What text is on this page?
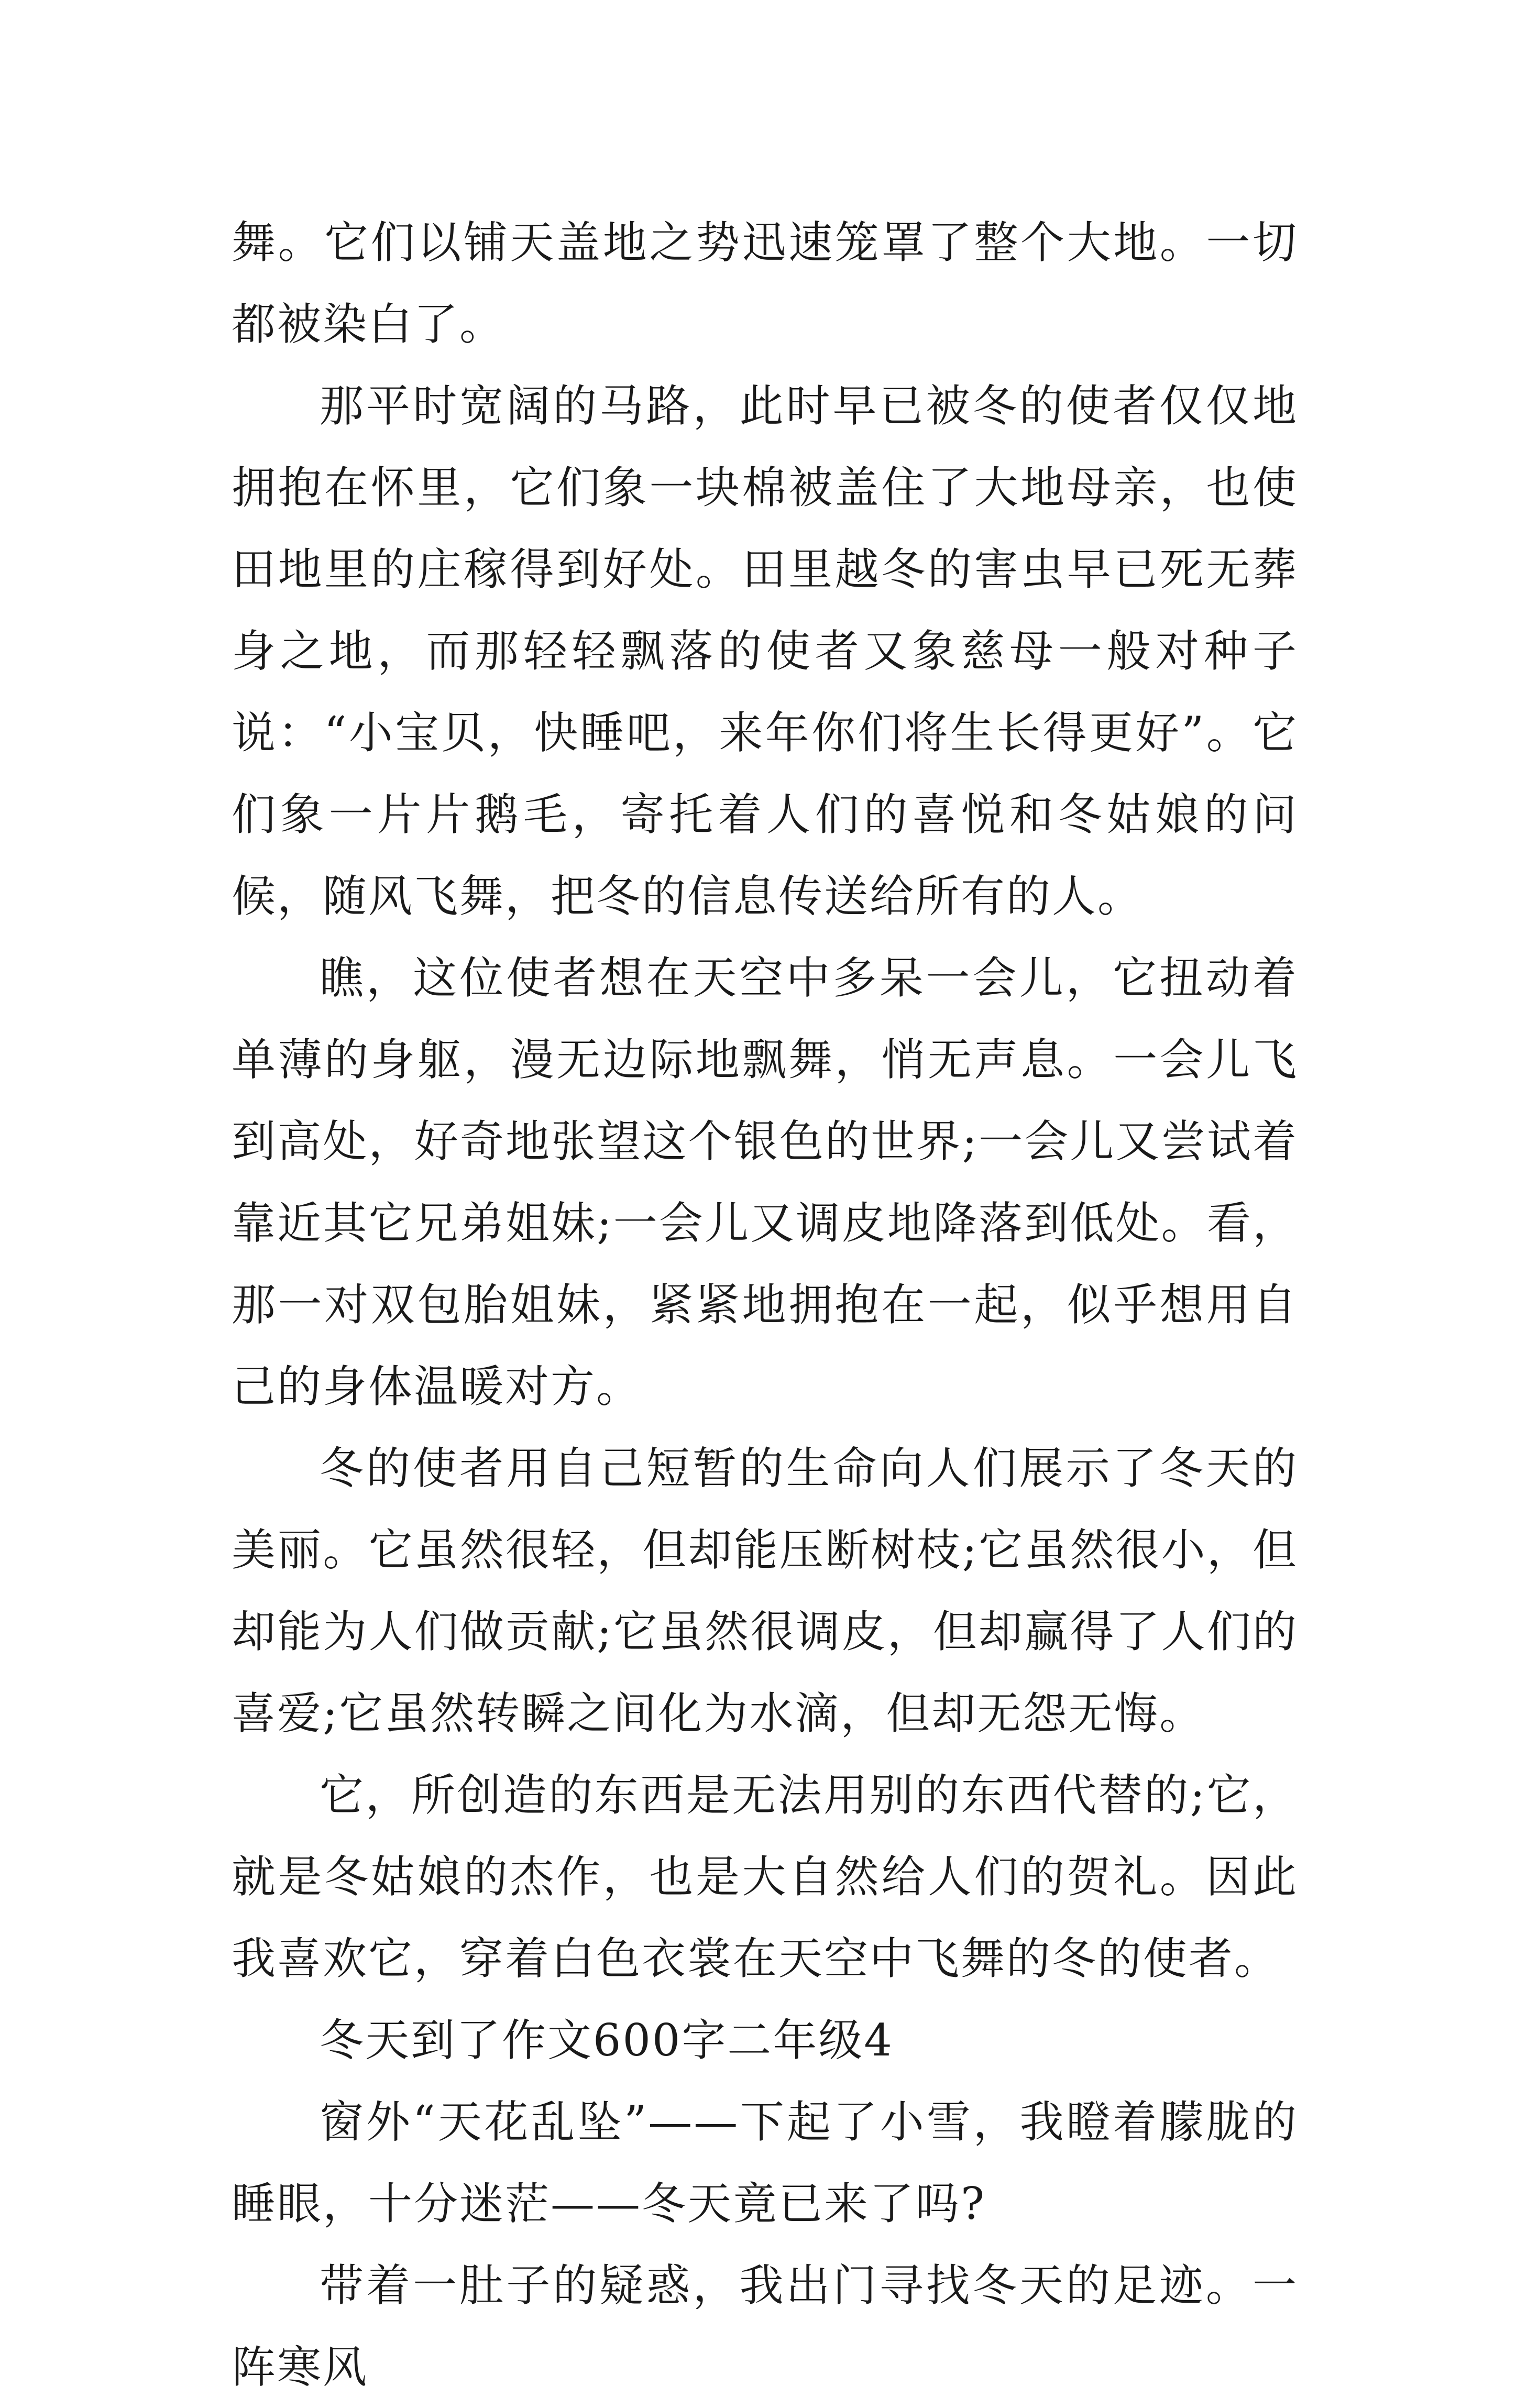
舞。它们以铺天盖地之势迅速笼罩了整个大地。一切都被染白了。

那平时宽阔的马路，此时早已被冬的使者仅仅地拥抱在怀里，它们象一块棉被盖住了大地母亲，也使田地里的庄稼得到好处。田里越冬的害虫早已死无葬身之地，而那轻轻飘落的使者又象慈母一般对种子说：“小宝贝，快睡吧，来年你们将生长得更好”。它们象一片片鹅毛，寄托着人们的喜悦和冬姑娘的问候，随风飞舞，把冬的信息传送给所有的人。

瞧，这位使者想在天空中多呆一会儿，它扭动着单薄的身躯，漫无边际地飘舞，悄无声息。一会儿飞到高处，好奇地张望这个银色的世界;一会儿又尝试着靠近其它兄弟姐妹;一会儿又调皮地降落到低处。看，那一对双包胎姐妹，紧紧地拥抱在一起，似乎想用自己的身体温暖对方。

冬的使者用自己短暂的生命向人们展示了冬天的美丽。它虽然很轻，但却能压断树枝;它虽然很小，但却能为人们做贡献;它虽然很调皮，但却赢得了人们的喜爱;它虽然转瞬之间化为水滴，但却无怨无悔。

它，所创造的东西是无法用别的东西代替的;它，就是冬姑娘的杰作，也是大自然给人们的贺礼。因此我喜欢它，穿着白色衣裳在天空中飞舞的冬的使者。

冬天到了作文600字二年级4

窗外“天花乱坠”——下起了小雪，我瞪着朦胧的睡眼，十分迷茫——冬天竟已来了吗?

带着一肚子的疑惑，我出门寻找冬天的足迹。一阵寒风
